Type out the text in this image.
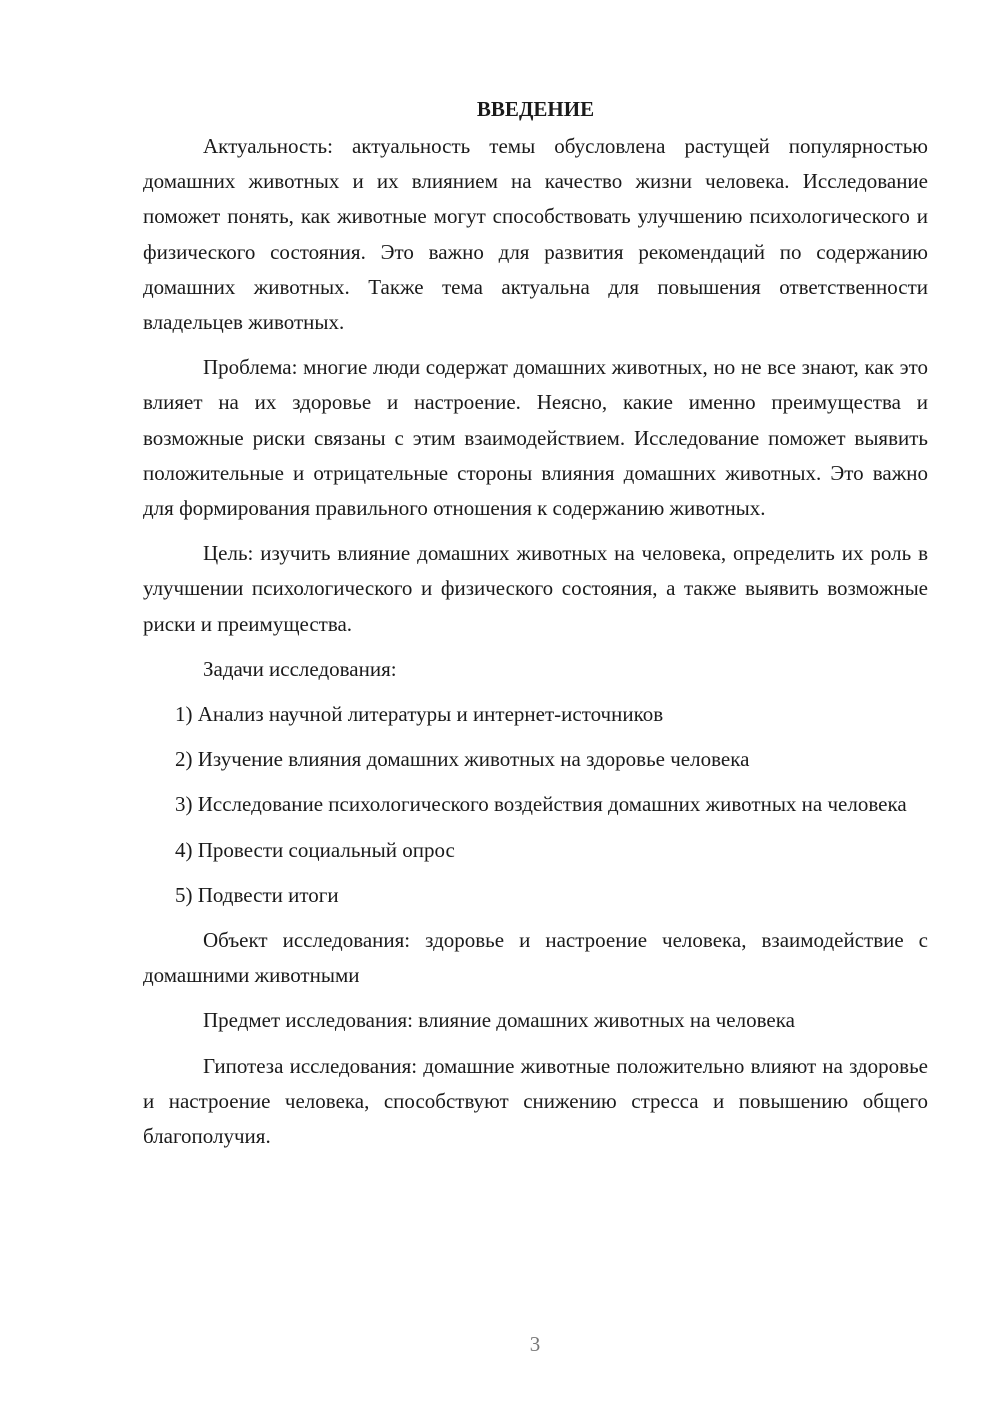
ВВЕДЕНИЕ

Актуальность: актуальность темы обусловлена растущей популярностью домашних животных и их влиянием на качество жизни человека. Исследование поможет понять, как животные могут способствовать улучшению психологического и физического состояния. Это важно для развития рекомендаций по содержанию домашних животных. Также тема актуальна для повышения ответственности владельцев животных.

Проблема: многие люди содержат домашних животных, но не все знают, как это влияет на их здоровье и настроение. Неясно, какие именно преимущества и возможные риски связаны с этим взаимодействием. Исследование поможет выявить положительные и отрицательные стороны влияния домашних животных. Это важно для формирования правильного отношения к содержанию животных.

Цель: изучить влияние домашних животных на человека, определить их роль в улучшении психологического и физического состояния, а также выявить возможные риски и преимущества.

Задачи исследования:

1) Анализ научной литературы и интернет-источников

2) Изучение влияния домашних животных на здоровье человека

3) Исследование психологического воздействия домашних животных на человека

4) Провести социальный опрос

5) Подвести итоги

Объект исследования: здоровье и настроение человека, взаимодействие с домашними животными

Предмет исследования: влияние домашних животных на человека

Гипотеза исследования: домашние животные положительно влияют на здоровье и настроение человека, способствуют снижению стресса и повышению общего благополучия.

3
